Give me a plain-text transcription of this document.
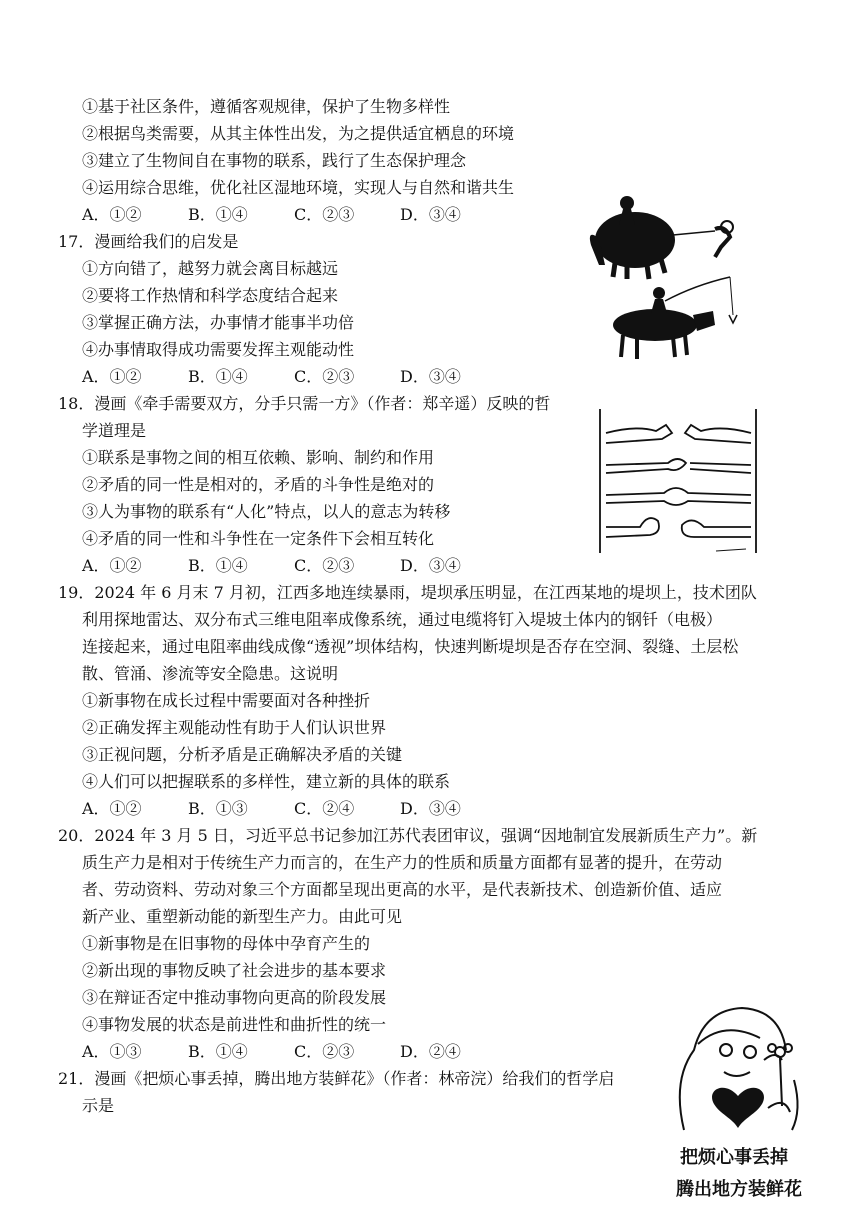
①基于社区条件，遵循客观规律，保护了生物多样性
②根据鸟类需要，从其主体性出发，为之提供适宜栖息的环境
③建立了生物间自在事物的联系，践行了生态保护理念
④运用综合思维，优化社区湿地环境，实现人与自然和谐共生
A．①②	B．①④	C．②③	D．③④
17．漫画给我们的启发是
①方向错了，越努力就会离目标越远
②要将工作热情和科学态度结合起来
③掌握正确方法，办事情才能事半功倍
④办事情取得成功需要发挥主观能动性
A．①②	B．①④	C．②③	D．③④
18．漫画《牵手需要双方，分手只需一方》（作者：郑辛遥）反映的哲
学道理是
①联系是事物之间的相互依赖、影响、制约和作用
②矛盾的同一性是相对的，矛盾的斗争性是绝对的
③人为事物的联系有“人化”特点，以人的意志为转移
④矛盾的同一性和斗争性在一定条件下会相互转化
A．①②	B．①④	C．②③	D．③④
19．2024 年 6 月末 7 月初，江西多地连续暴雨，堤坝承压明显，在江西某地的堤坝上，技术团队
利用探地雷达、双分布式三维电阻率成像系统，通过电缆将钉入堤坡土体内的钢钎（电极）
连接起来，通过电阻率曲线成像“透视”坝体结构，快速判断堤坝是否存在空洞、裂缝、土层松
散、管涌、渗流等安全隐患。这说明
①新事物在成长过程中需要面对各种挫折
②正确发挥主观能动性有助于人们认识世界
③正视问题，分析矛盾是正确解决矛盾的关键
④人们可以把握联系的多样性，建立新的具体的联系
A．①②	B．①③	C．②④	D．③④
20．2024 年 3 月 5 日，习近平总书记参加江苏代表团审议，强调“因地制宜发展新质生产力”。新
质生产力是相对于传统生产力而言的，在生产力的性质和质量方面都有显著的提升，在劳动
者、劳动资料、劳动对象三个方面都呈现出更高的水平，是代表新技术、创造新价值、适应
新产业、重塑新动能的新型生产力。由此可见
①新事物是在旧事物的母体中孕育产生的
②新出现的事物反映了社会进步的基本要求
③在辩证否定中推动事物向更高的阶段发展
④事物发展的状态是前进性和曲折性的统一
A．①③	B．①④	C．②③	D．②④
21．漫画《把烦心事丢掉，腾出地方装鲜花》（作者：林帝浣）给我们的哲学启
示是
把烦心事丢掉
腾出地方装鲜花
